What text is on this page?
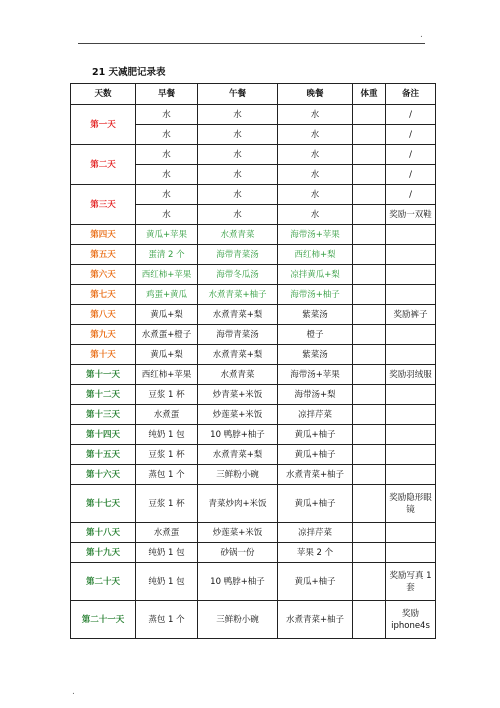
.
.
21 天减肥记录表
天数	早餐	午餐	晚餐	体重	备注
第一天	水	水	水		/
	水	水	水		/
第二天	水	水	水		/
	水	水	水		/
第三天	水	水	水		/
	水	水	水		奖励一双鞋
第四天	黄瓜+苹果	水煮青菜	海带汤+苹果		
第五天	蛋清 2 个	海带青菜汤	西红柿+梨		
第六天	西红柿+苹果	海带冬瓜汤	凉拌黄瓜+梨		
第七天	鸡蛋+黄瓜	水煮青菜+柚子	海带汤+柚子		
第八天	黄瓜+梨	水煮青菜+梨	紫菜汤		奖励裤子
第九天	水煮蛋+橙子	海带青菜汤	橙子		
第十天	黄瓜+梨	水煮青菜+梨	紫菜汤		
第十一天	西红柿+苹果	水煮青菜	海带汤+苹果		奖励羽绒服
第十二天	豆浆 1 杯	炒青菜+米饭	海带汤+梨		
第十三天	水煮蛋	炒莲菜+米饭	凉拌芹菜		
第十四天	纯奶 1 包	10 鸭脖+柚子	黄瓜+柚子		
第十五天	豆浆 1 杯	水煮青菜+梨	黄瓜+柚子		
第十六天	蒸包 1 个	三鲜粉小碗	水煮青菜+柚子		
第十七天	豆浆 1 杯	青菜炒肉+米饭	黄瓜+柚子		奖励隐形眼镜
第十八天	水煮蛋	炒莲菜+米饭	凉拌芹菜		
第十九天	纯奶 1 包	砂锅一份	苹果 2 个		
第二十天	纯奶 1 包	10 鸭脖+柚子	黄瓜+柚子		奖励写真 1 套
第二十一天	蒸包 1 个	三鲜粉小碗	水煮青菜+柚子		奖励 iphone4s
